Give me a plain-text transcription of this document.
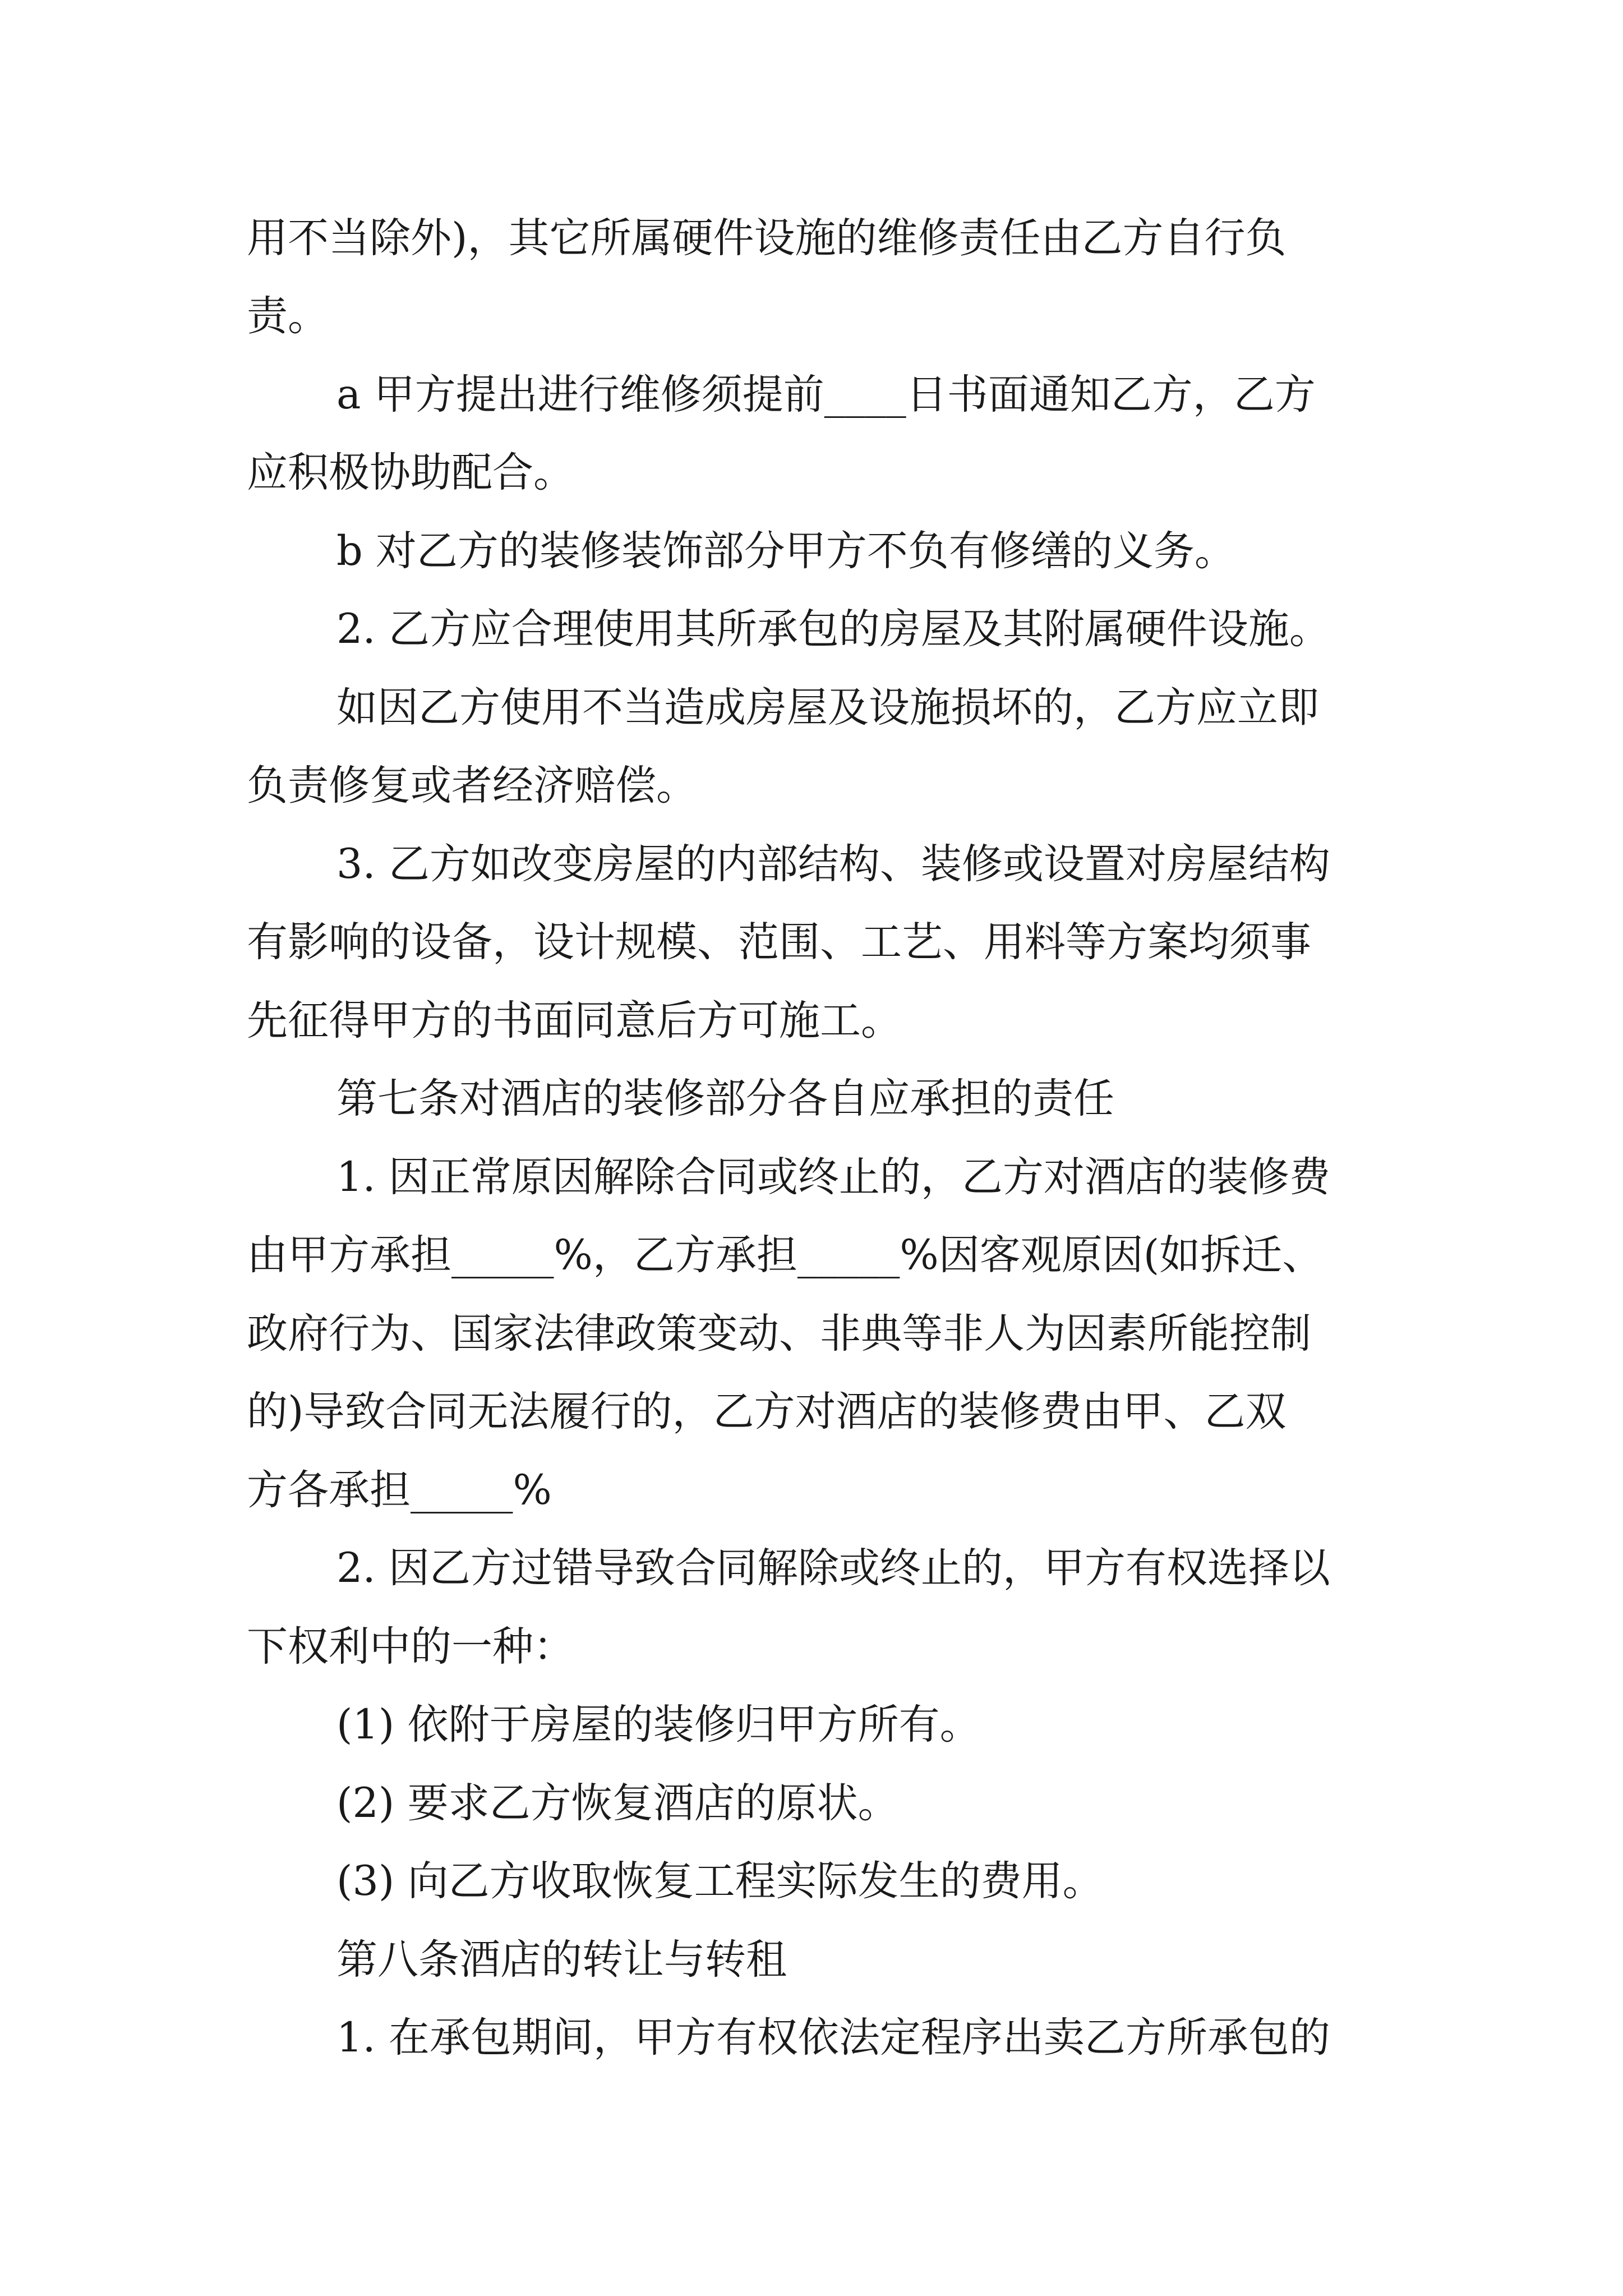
用不当除外)，其它所属硬件设施的维修责任由乙方自行负
责。
a 甲方提出进行维修须提前____日书面通知乙方，乙方
应积极协助配合。
b 对乙方的装修装饰部分甲方不负有修缮的义务。
2. 乙方应合理使用其所承包的房屋及其附属硬件设施。
如因乙方使用不当造成房屋及设施损坏的，乙方应立即
负责修复或者经济赔偿。
3. 乙方如改变房屋的内部结构、装修或设置对房屋结构
有影响的设备，设计规模、范围、工艺、用料等方案均须事
先征得甲方的书面同意后方可施工。
第七条对酒店的装修部分各自应承担的责任
1. 因正常原因解除合同或终止的，乙方对酒店的装修费
由甲方承担_____%，乙方承担_____%因客观原因(如拆迁、
政府行为、国家法律政策变动、非典等非人为因素所能控制
的)导致合同无法履行的，乙方对酒店的装修费由甲、乙双
方各承担_____%
2. 因乙方过错导致合同解除或终止的，甲方有权选择以
下权利中的一种：
(1) 依附于房屋的装修归甲方所有。
(2) 要求乙方恢复酒店的原状。
(3) 向乙方收取恢复工程实际发生的费用。
第八条酒店的转让与转租
1. 在承包期间，甲方有权依法定程序出卖乙方所承包的
